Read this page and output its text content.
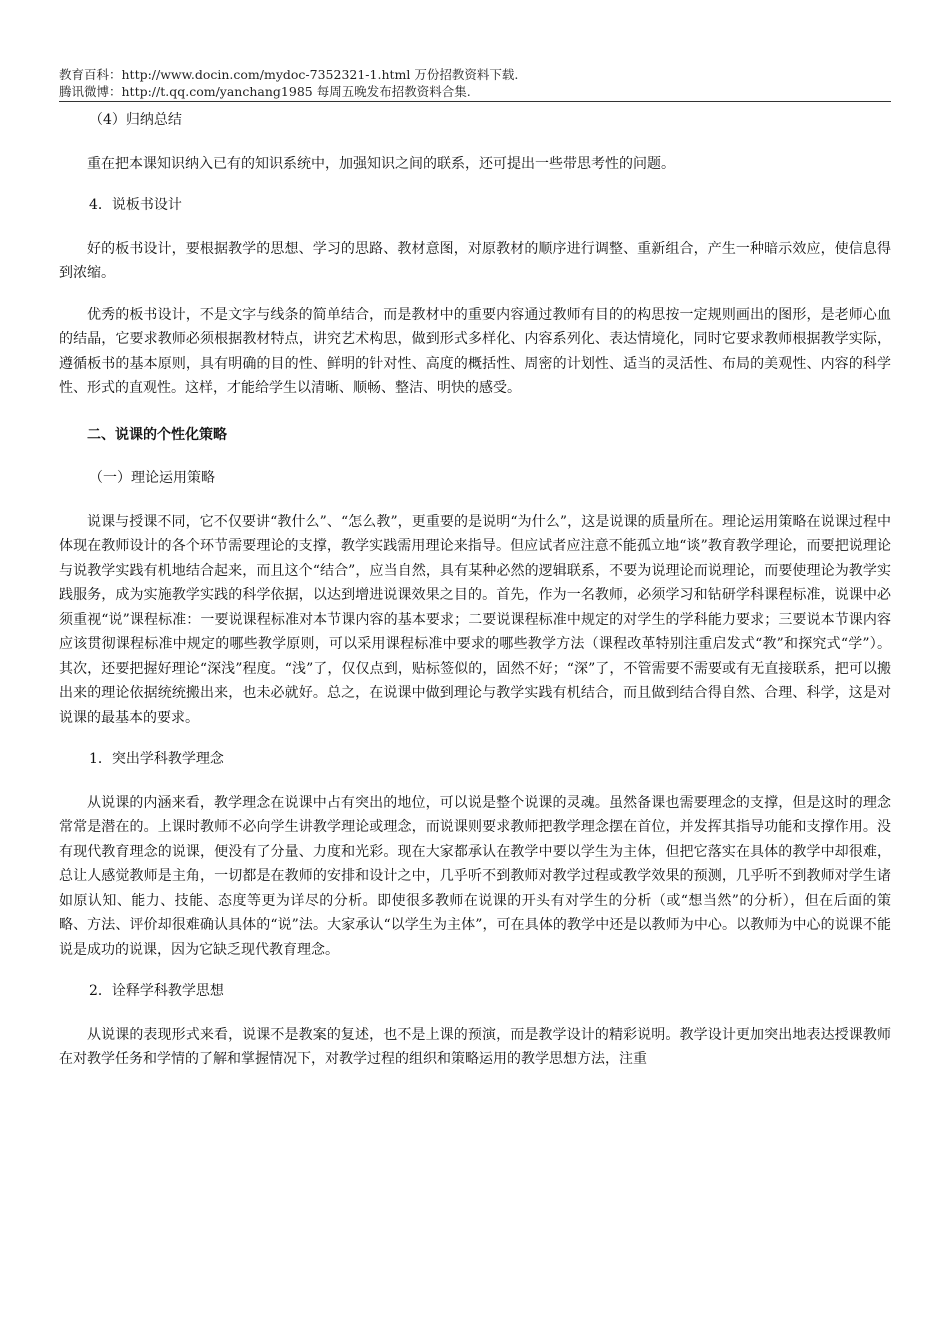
教育百科：http://www.docin.com/mydoc-7352321-1.html 万份招教资料下载.
腾讯微博：http://t.qq.com/yanchang1985 每周五晚发布招教资料合集.

（4）归纳总结

重在把本课知识纳入已有的知识系统中，加强知识之间的联系，还可提出一些带思考性的问题。

4．说板书设计

好的板书设计，要根据教学的思想、学习的思路、教材意图，对原教材的顺序进行调整、重新组合，产生一种暗示效应，使信息得到浓缩。

优秀的板书设计，不是文字与线条的简单结合，而是教材中的重要内容通过教师有目的的构思按一定规则画出的图形，是老师心血的结晶，它要求教师必须根据教材特点，讲究艺术构思，做到形式多样化、内容系列化、表达情境化，同时它要求教师根据教学实际，遵循板书的基本原则，具有明确的目的性、鲜明的针对性、高度的概括性、周密的计划性、适当的灵活性、布局的美观性、内容的科学性、形式的直观性。这样，才能给学生以清晰、顺畅、整洁、明快的感受。

二、说课的个性化策略

（一）理论运用策略

说课与授课不同，它不仅要讲“教什么”、“怎么教”，更重要的是说明“为什么”，这是说课的质量所在。理论运用策略在说课过程中体现在教师设计的各个环节需要理论的支撑，教学实践需用理论来指导。但应试者应注意不能孤立地“谈”教育教学理论，而要把说理论与说教学实践有机地结合起来，而且这个“结合”，应当自然，具有某种必然的逻辑联系，不要为说理论而说理论，而要使理论为教学实践服务，成为实施教学实践的科学依据，以达到增进说课效果之目的。首先，作为一名教师，必须学习和钻研学科课程标准，说课中必须重视“说”课程标准：一要说课程标准对本节课内容的基本要求；二要说课程标准中规定的对学生的学科能力要求；三要说本节课内容应该贯彻课程标准中规定的哪些教学原则，可以采用课程标准中要求的哪些教学方法（课程改革特别注重启发式“教”和探究式“学”）。其次，还要把握好理论“深浅”程度。“浅”了，仅仅点到，贴标签似的，固然不好；“深”了，不管需要不需要或有无直接联系，把可以搬出来的理论依据统统搬出来，也未必就好。总之，在说课中做到理论与教学实践有机结合，而且做到结合得自然、合理、科学，这是对说课的最基本的要求。

1．突出学科教学理念

从说课的内涵来看，教学理念在说课中占有突出的地位，可以说是整个说课的灵魂。虽然备课也需要理念的支撑，但是这时的理念常常是潜在的。上课时教师不必向学生讲教学理论或理念，而说课则要求教师把教学理念摆在首位，并发挥其指导功能和支撑作用。没有现代教育理念的说课，便没有了分量、力度和光彩。现在大家都承认在教学中要以学生为主体，但把它落实在具体的教学中却很难，总让人感觉教师是主角，一切都是在教师的安排和设计之中，几乎听不到教师对教学过程或教学效果的预测，几乎听不到教师对学生诸如原认知、能力、技能、态度等更为详尽的分析。即使很多教师在说课的开头有对学生的分析（或“想当然”的分析），但在后面的策略、方法、评价却很难确认具体的“说”法。大家承认“以学生为主体”，可在具体的教学中还是以教师为中心。以教师为中心的说课不能说是成功的说课，因为它缺乏现代教育理念。

2．诠释学科教学思想

从说课的表现形式来看，说课不是教案的复述，也不是上课的预演，而是教学设计的精彩说明。教学设计更加突出地表达授课教师在对教学任务和学情的了解和掌握情况下，对教学过程的组织和策略运用的教学思想方法，注重
